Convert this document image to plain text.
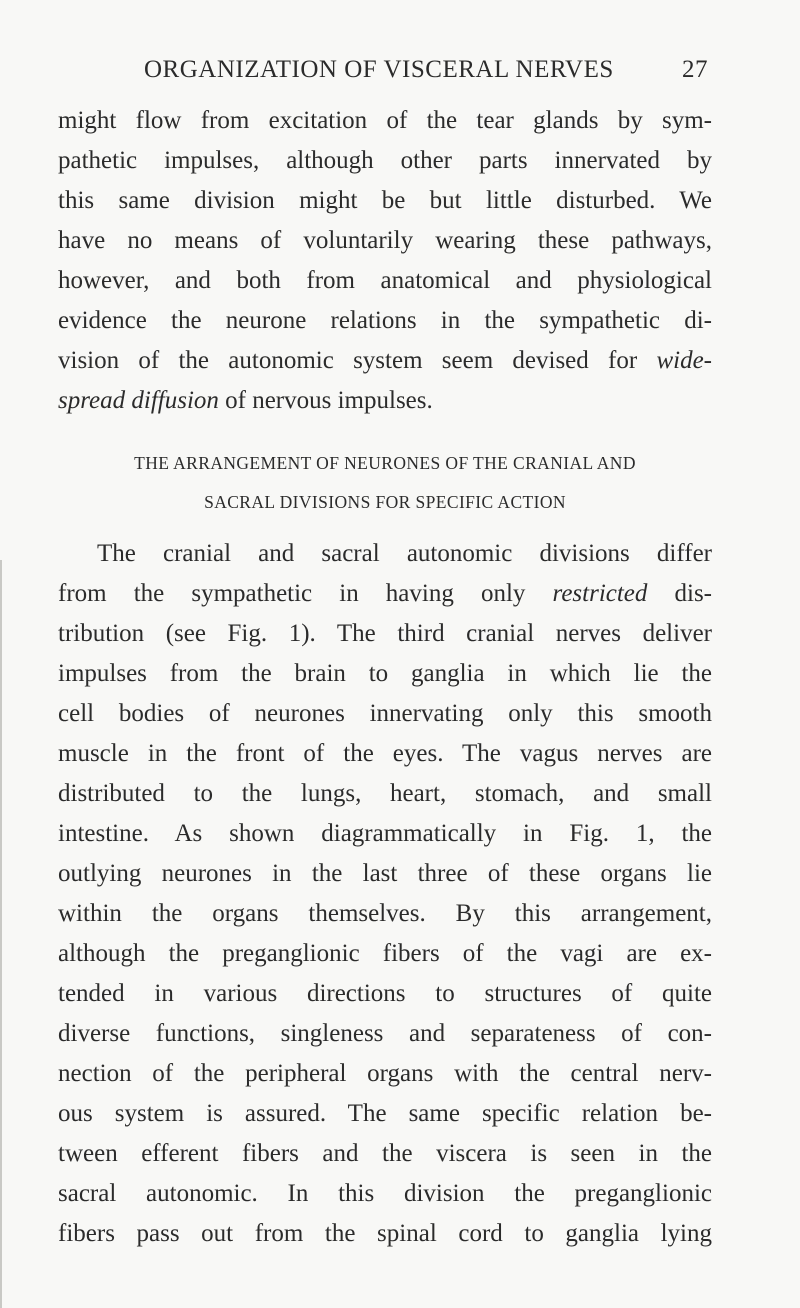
ORGANIZATION OF VISCERAL NERVES	27
might flow from excitation of the tear glands by sym-
pathetic impulses, although other parts innervated by
this same division might be but little disturbed. We
have no means of voluntarily wearing these pathways,
however, and both from anatomical and physiological
evidence the neurone relations in the sympathetic di-
vision of the autonomic system seem devised for wide-
spread diffusion of nervous impulses.
THE ARRANGEMENT OF NEURONES OF THE CRANIAL AND
SACRAL DIVISIONS FOR SPECIFIC ACTION
The cranial and sacral autonomic divisions differ
from the sympathetic in having only restricted dis-
tribution (see Fig. 1). The third cranial nerves deliver
impulses from the brain to ganglia in which lie the
cell bodies of neurones innervating only this smooth
muscle in the front of the eyes. The vagus nerves are
distributed to the lungs, heart, stomach, and small
intestine. As shown diagrammatically in Fig. 1, the
outlying neurones in the last three of these organs lie
within the organs themselves. By this arrangement,
although the preganglionic fibers of the vagi are ex-
tended in various directions to structures of quite
diverse functions, singleness and separateness of con-
nection of the peripheral organs with the central nerv-
ous system is assured. The same specific relation be-
tween efferent fibers and the viscera is seen in the
sacral autonomic. In this division the preganglionic
fibers pass out from the spinal cord to ganglia lying
